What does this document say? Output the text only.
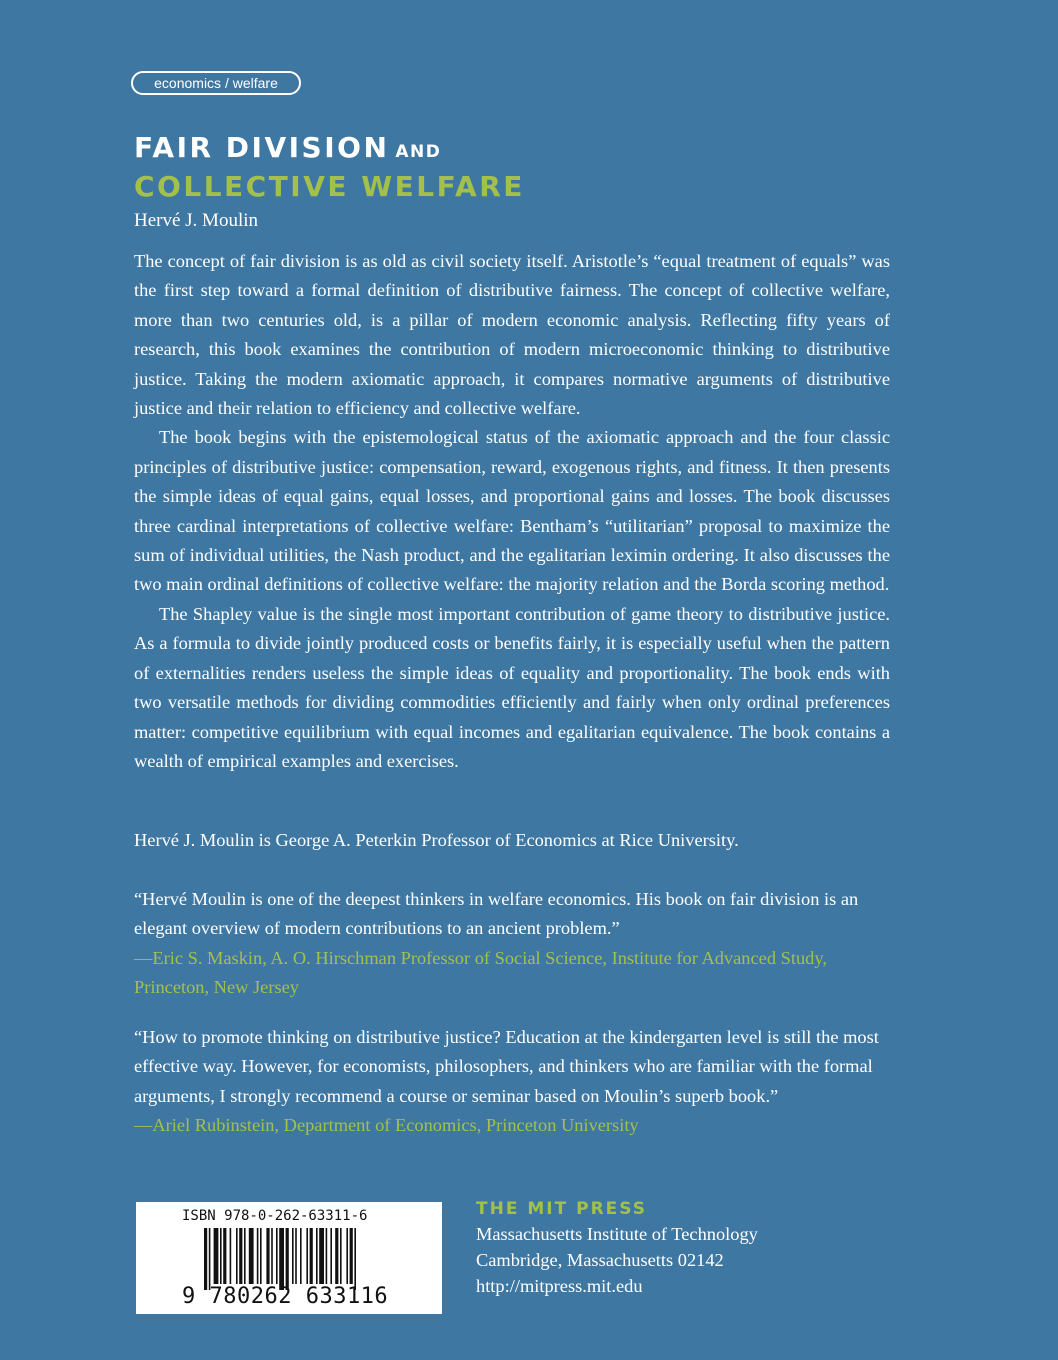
economics / welfare
FAIR DIVISION AND
COLLECTIVE WELFARE
Hervé J. Moulin

The concept of fair division is as old as civil society itself. Aristotle’s “equal treatment of equals” was the first step toward a formal definition of distributive fairness. The concept of collective welfare, more than two centuries old, is a pillar of modern economic analysis. Reflecting fifty years of research, this book examines the contribution of modern microeconomic thinking to distributive justice. Taking the modern axiomatic approach, it compares normative arguments of distributive justice and their relation to efficiency and collective welfare.

The book begins with the epistemological status of the axiomatic approach and the four classic principles of distributive justice: compensation, reward, exogenous rights, and fitness. It then presents the simple ideas of equal gains, equal losses, and proportional gains and losses. The book discusses three cardinal interpretations of collective welfare: Bentham’s “utilitarian” proposal to maximize the sum of individual utilities, the Nash product, and the egalitarian leximin ordering. It also discusses the two main ordinal definitions of collective welfare: the majority relation and the Borda scoring method.

The Shapley value is the single most important contribution of game theory to distributive justice. As a formula to divide jointly produced costs or benefits fairly, it is especially useful when the pattern of externalities renders useless the simple ideas of equality and proportionality. The book ends with two versatile methods for dividing commodities efficiently and fairly when only ordinal preferences matter: competitive equilibrium with equal incomes and egalitarian equivalence. The book contains a wealth of empirical examples and exercises.

Hervé J. Moulin is George A. Peterkin Professor of Economics at Rice University.
“Hervé Moulin is one of the deepest thinkers in welfare economics. His book on fair division is an elegant overview of modern contributions to an ancient problem.”
—Eric S. Maskin, A. O. Hirschman Professor of Social Science, Institute for Advanced Study, Princeton, New Jersey
“How to promote thinking on distributive justice? Education at the kindergarten level is still the most effective way. However, for economists, philosophers, and thinkers who are familiar with the formal arguments, I strongly recommend a course or seminar based on Moulin’s superb book.”
—Ariel Rubinstein, Department of Economics, Princeton University
ISBN 978-0-262-63311-6
9 780262 633116
THE MIT PRESS
Massachusetts Institute of Technology
Cambridge, Massachusetts 02142
http://mitpress.mit.edu
